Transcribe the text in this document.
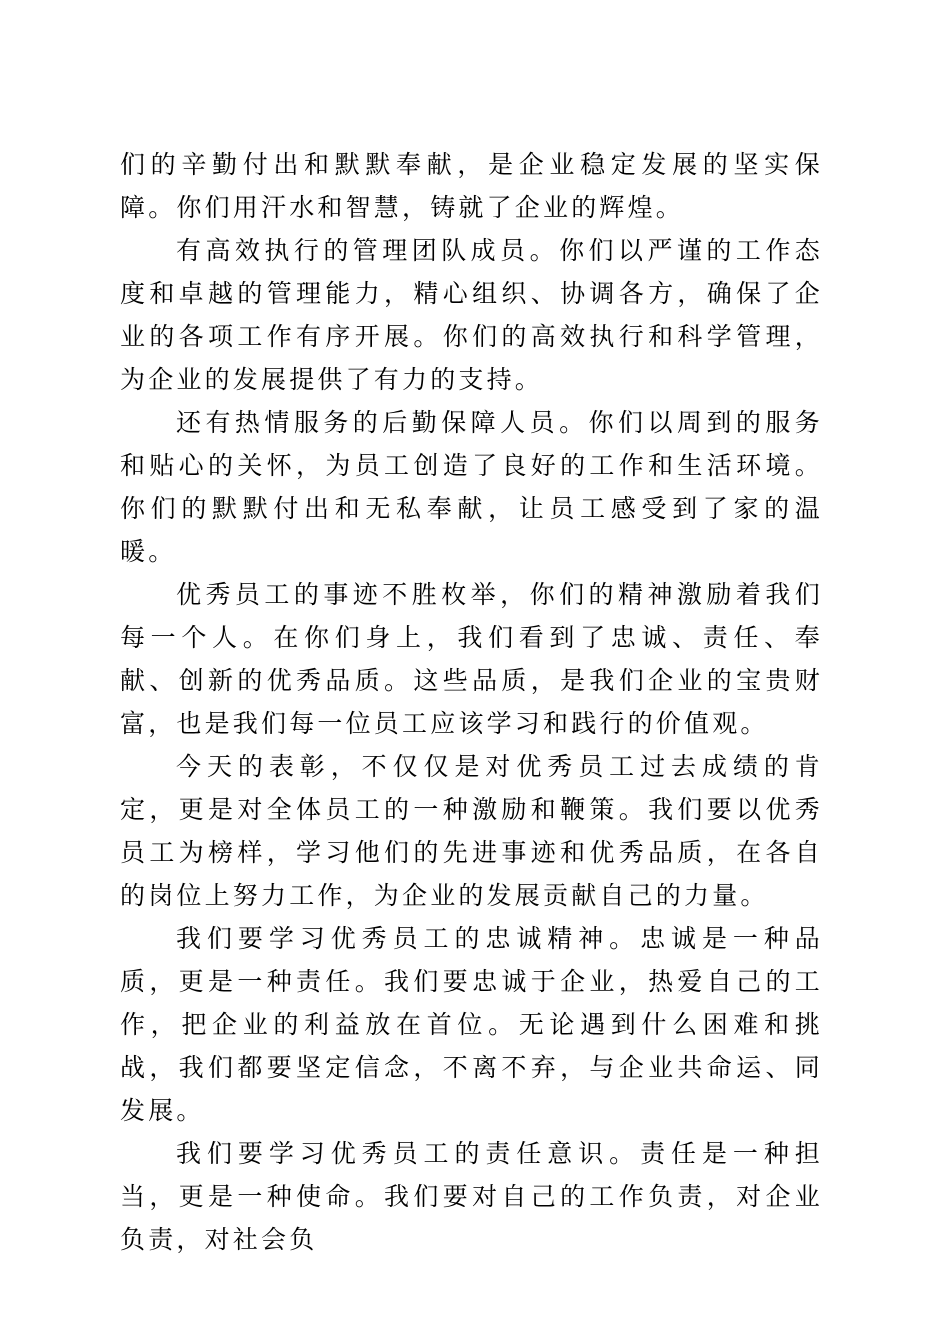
们的辛勤付出和默默奉献，是企业稳定发展的坚实保障。你们用汗水和智慧，铸就了企业的辉煌。

有高效执行的管理团队成员。你们以严谨的工作态度和卓越的管理能力，精心组织、协调各方，确保了企业的各项工作有序开展。你们的高效执行和科学管理，为企业的发展提供了有力的支持。

还有热情服务的后勤保障人员。你们以周到的服务和贴心的关怀，为员工创造了良好的工作和生活环境。你们的默默付出和无私奉献，让员工感受到了家的温暖。

优秀员工的事迹不胜枚举，你们的精神激励着我们每一个人。在你们身上，我们看到了忠诚、责任、奉献、创新的优秀品质。这些品质，是我们企业的宝贵财富，也是我们每一位员工应该学习和践行的价值观。

今天的表彰，不仅仅是对优秀员工过去成绩的肯定，更是对全体员工的一种激励和鞭策。我们要以优秀员工为榜样，学习他们的先进事迹和优秀品质，在各自的岗位上努力工作，为企业的发展贡献自己的力量。

我们要学习优秀员工的忠诚精神。忠诚是一种品质，更是一种责任。我们要忠诚于企业，热爱自己的工作，把企业的利益放在首位。无论遇到什么困难和挑战，我们都要坚定信念，不离不弃，与企业共命运、同发展。

我们要学习优秀员工的责任意识。责任是一种担当，更是一种使命。我们要对自己的工作负责，对企业负责，对社会负
